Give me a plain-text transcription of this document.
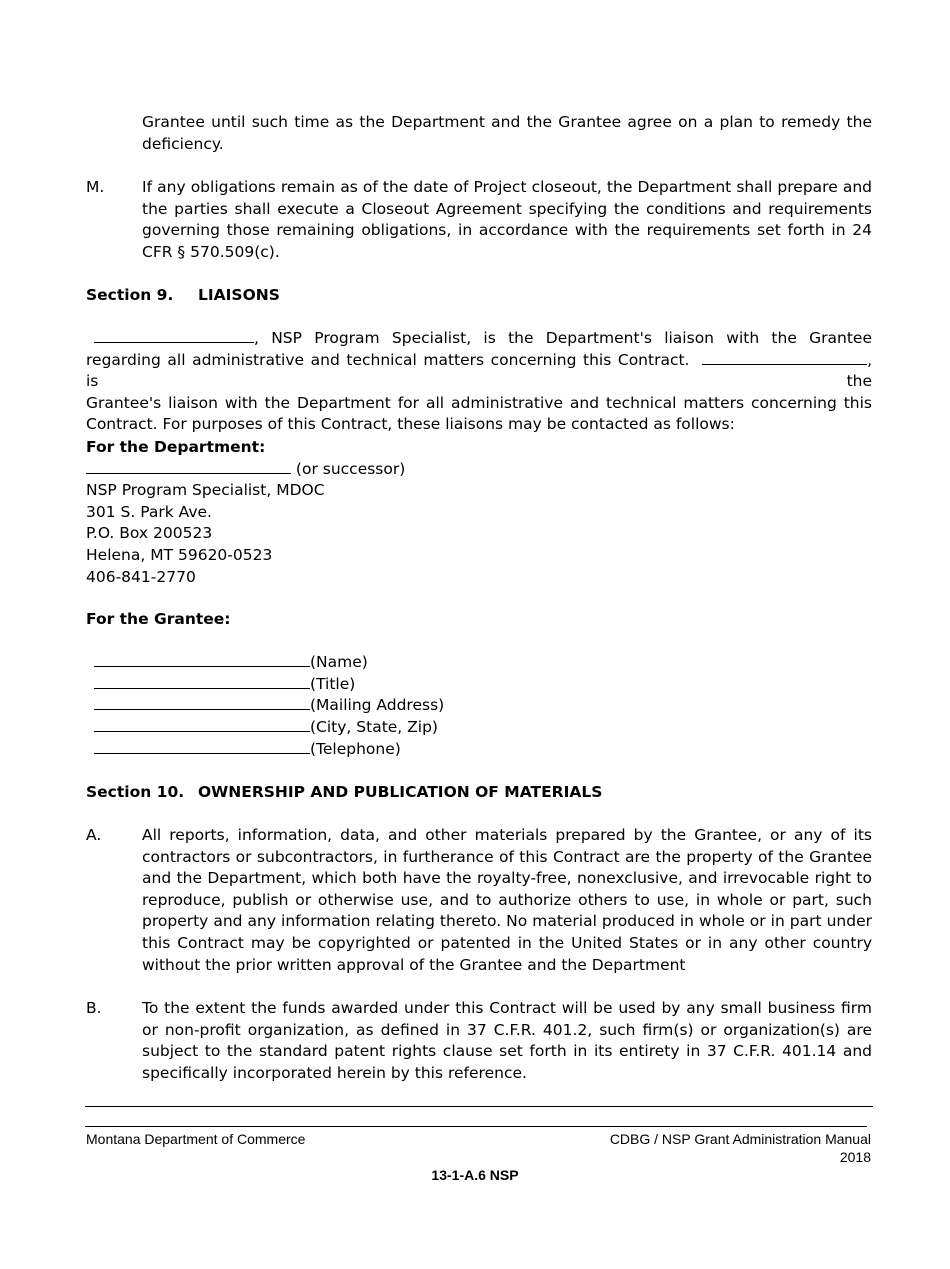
Grantee until such time as the Department and the Grantee agree on a plan to remedy the deficiency.

M.	If any obligations remain as of the date of Project closeout, the Department shall prepare and the parties shall execute a Closeout Agreement specifying the conditions and requirements governing those remaining obligations, in accordance with the requirements set forth in 24 CFR § 570.509(c).

Section 9. LIAISONS

, NSP Program Specialist, is the Department's liaison with the Grantee regarding all administrative and technical matters concerning this Contract.	, is	the

Grantee's liaison with the Department for all administrative and technical matters concerning this Contract. For purposes of this Contract, these liaisons may be contacted as follows:

For the Department:

(or successor)

NSP Program Specialist, MDOC

301 S. Park Ave.

P.O. Box 200523

Helena, MT 59620-0523

406-841-2770

For the Grantee:

(Name)

(Title)

(Mailing Address)

(City, State, Zip)

(Telephone)

Section 10. OWNERSHIP AND PUBLICATION OF MATERIALS

A.	All reports, information, data, and other materials prepared by the Grantee, or any of its contractors or subcontractors, in furtherance of this Contract are the property of the Grantee and the Department, which both have the royalty-free, nonexclusive, and irrevocable right to reproduce, publish or otherwise use, and to authorize others to use, in whole or part, such property and any information relating thereto. No material produced in whole or in part under this Contract may be copyrighted or patented in the United States or in any other country without the prior written approval of the Grantee and the Department
B.	To the extent the funds awarded under this Contract will be used by any small business firm or non-profit organization, as defined in 37 C.F.R. 401.2, such firm(s) or organization(s) are subject to the standard patent rights clause set forth in its entirety in 37 C.F.R. 401.14 and specifically incorporated herein by this reference.
Montana Department of Commerce	CDBG / NSP Grant Administration Manual
2018
13-1-A.6 NSP
